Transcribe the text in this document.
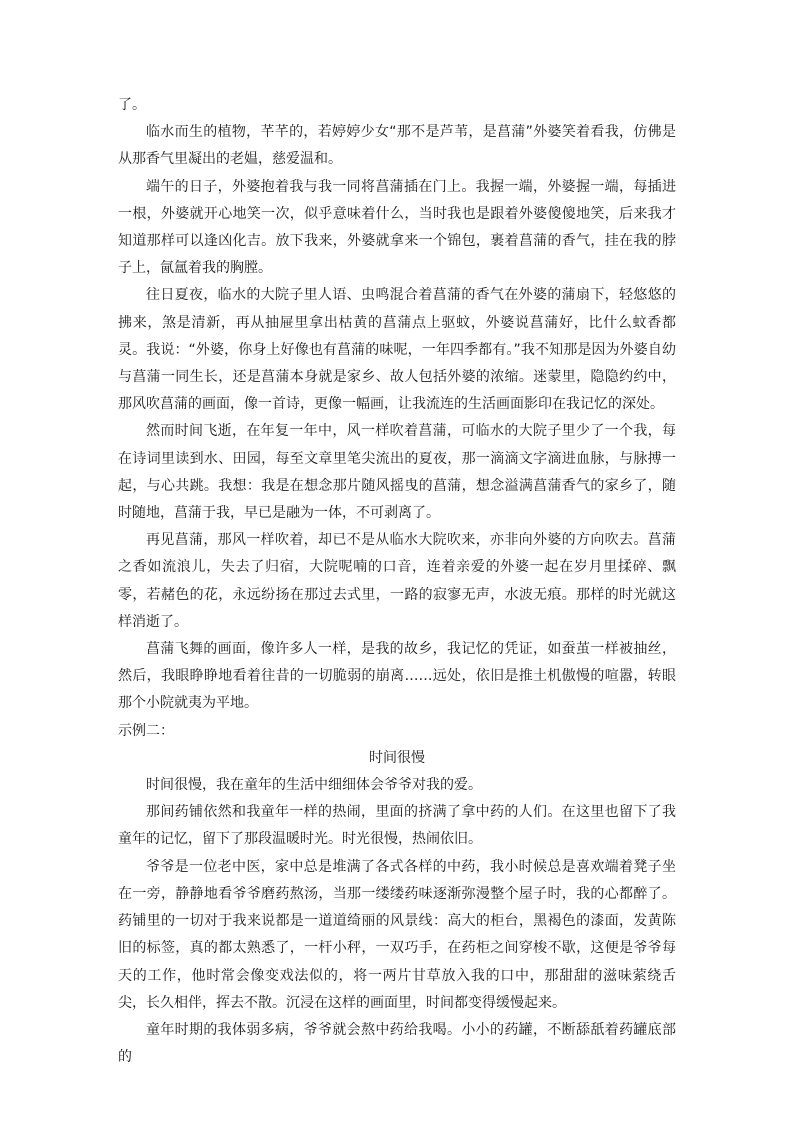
了。

临水而生的植物，芊芊的，若婷婷少女“那不是芦苇，是菖蒲”外婆笑着看我，仿佛是从那香气里凝出的老媪，慈爱温和。

端午的日子，外婆抱着我与我一同将菖蒲插在门上。我握一端，外婆握一端，每插进一根，外婆就开心地笑一次，似乎意味着什么，当时我也是跟着外婆傻傻地笑，后来我才知道那样可以逢凶化吉。放下我来，外婆就拿来一个锦包，裹着菖蒲的香气，挂在我的脖子上，氤氲着我的胸膛。

往日夏夜，临水的大院子里人语、虫鸣混合着菖蒲的香气在外婆的蒲扇下，轻悠悠的拂来，煞是清新，再从抽屉里拿出枯黄的菖蒲点上驱蚊，外婆说菖蒲好，比什么蚊香都灵。我说：“外婆，你身上好像也有菖蒲的味呢，一年四季都有。”我不知那是因为外婆自幼与菖蒲一同生长，还是菖蒲本身就是家乡、故人包括外婆的浓缩。迷蒙里，隐隐约约中，那风吹菖蒲的画面，像一首诗，更像一幅画，让我流连的生活画面影印在我记忆的深处。

然而时间飞逝，在年复一年中，风一样吹着菖蒲，可临水的大院子里少了一个我，每在诗词里读到水、田园，每至文章里笔尖流出的夏夜，那一滴滴文字滴进血脉，与脉搏一起，与心共跳。我想：我是在想念那片随风摇曳的菖蒲，想念溢满菖蒲香气的家乡了，随时随地，菖蒲于我，早已是融为一体，不可剥离了。

再见菖蒲，那风一样吹着，却已不是从临水大院吹来，亦非向外婆的方向吹去。菖蒲之香如流浪儿，失去了归宿，大院呢喃的口音，连着亲爱的外婆一起在岁月里揉碎、飘零，若赭色的花，永远纷扬在那过去式里，一路的寂寥无声，水波无痕。那样的时光就这样消逝了。

菖蒲飞舞的画面，像许多人一样，是我的故乡，我记忆的凭证，如蚕茧一样被抽丝，然后，我眼睁睁地看着往昔的一切脆弱的崩离……远处，依旧是推土机傲慢的喧嚣，转眼那个小院就夷为平地。

示例二：

时间很慢

时间很慢，我在童年的生活中细细体会爷爷对我的爱。

那间药铺依然和我童年一样的热闹，里面的挤满了拿中药的人们。在这里也留下了我童年的记忆，留下了那段温暖时光。时光很慢，热闹依旧。

爷爷是一位老中医，家中总是堆满了各式各样的中药，我小时候总是喜欢端着凳子坐在一旁，静静地看爷爷磨药熬汤，当那一缕缕药味逐渐弥漫整个屋子时，我的心都醉了。药铺里的一切对于我来说都是一道道绮丽的风景线：高大的柜台，黑褐色的漆面，发黄陈旧的标签，真的都太熟悉了，一杆小秤，一双巧手，在药柜之间穿梭不歇，这便是爷爷每天的工作，他时常会像变戏法似的，将一两片甘草放入我的口中，那甜甜的滋味萦绕舌尖，长久相伴，挥去不散。沉浸在这样的画面里，时间都变得缓慢起来。

童年时期的我体弱多病，爷爷就会熬中药给我喝。小小的药罐，不断舔舐着药罐底部的
